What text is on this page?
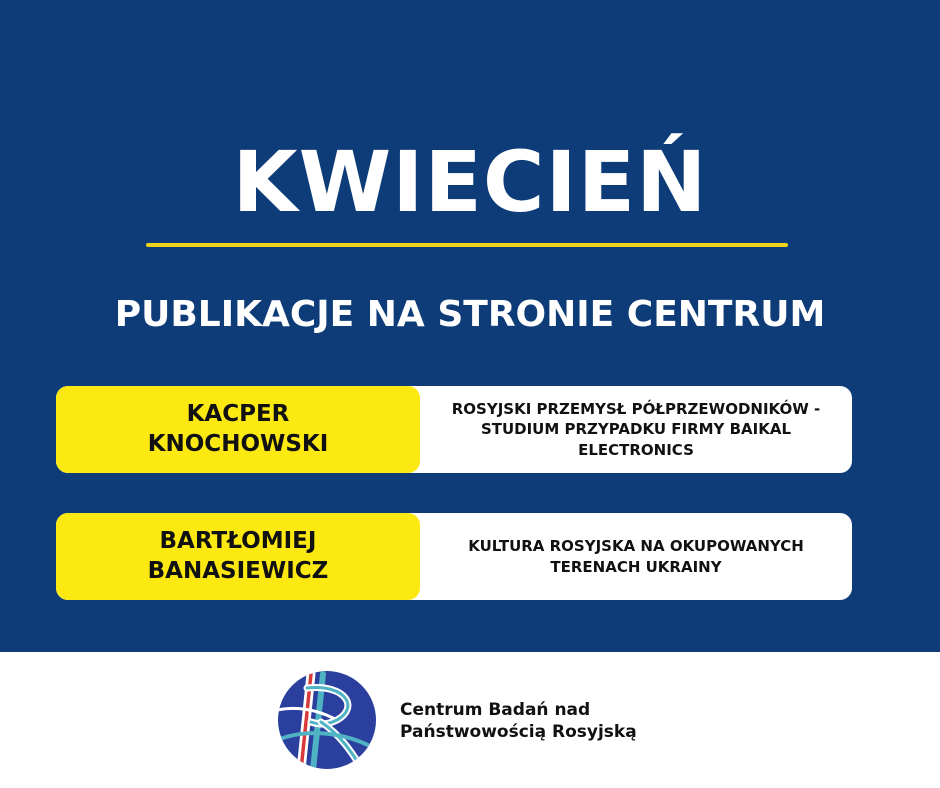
KWIECIEŃ
PUBLIKACJE NA STRONIE CENTRUM
KACPER
KNOCHOWSKI
ROSYJSKI PRZEMYSŁ PÓŁPRZEWODNIKÓW - STUDIUM PRZYPADKU FIRMY BAIKAL ELECTRONICS
BARTŁOMIEJ
BANASIEWICZ
KULTURA ROSYJSKA NA OKUPOWANYCH TERENACH UKRAINY
Centrum Badań nad
Państwowością Rosyjską
